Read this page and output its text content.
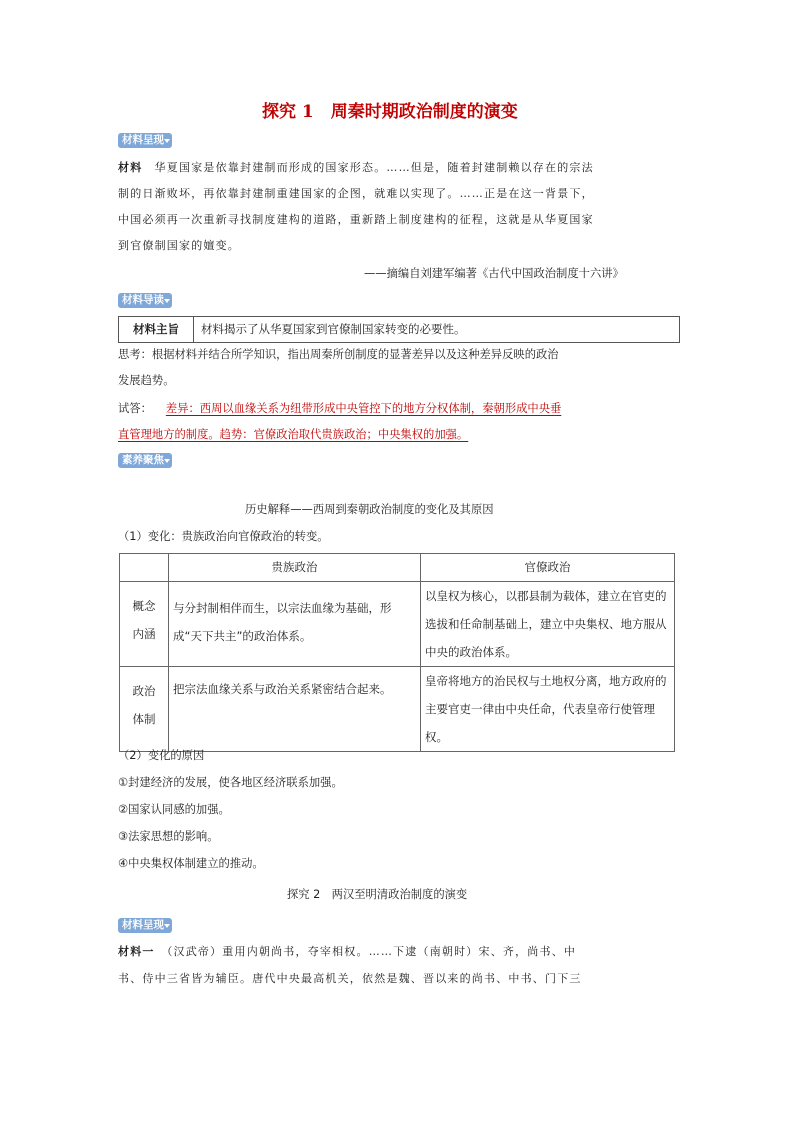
探究 1　周秦时期政治制度的演变
材料呈现
材料　 华夏国家是依靠封建制而形成的国家形态。……但是，随着封建制赖以存在的宗法
制的日渐败坏，再依靠封建制重建国家的企图，就难以实现了。……正是在这一背景下，
中国必须再一次重新寻找制度建构的道路，重新踏上制度建构的征程，这就是从华夏国家
到官僚制国家的嬗变。
——摘编自刘建军编著《古代中国政治制度十六讲》
材料导读
材料主旨	材料揭示了从华夏国家到官僚制国家转变的必要性。
思考：根据材料并结合所学知识，指出周秦所创制度的显著差异以及这种差异反映的政治
发展趋势。
试答： 差异：西周以血缘关系为纽带形成中央管控下的地方分权体制，秦朝形成中央垂
直管理地方的制度。趋势：官僚政治取代贵族政治；中央集权的加强。
素养聚焦
历史解释——西周到秦朝政治制度的变化及其原因
（1）变化：贵族政治向官僚政治的转变。
	贵族政治	官僚政治
概念
内涵	与分封制相伴而生，以宗法血缘为基础，形成“天下共主”的政治体系。	以皇权为核心，以郡县制为载体，建立在官吏的选拔和任命制基础上，建立中央集权、地方服从中央的政治体系。
政治
体制	把宗法血缘关系与政治关系紧密结合起来。	皇帝将地方的治民权与土地权分离，地方政府的主要官吏一律由中央任命，代表皇帝行使管理权。
（2）变化的原因
①封建经济的发展，使各地区经济联系加强。
②国家认同感的加强。
③法家思想的影响。
④中央集权体制建立的推动。
探究 2　两汉至明清政治制度的演变
材料呈现
材料一　 （汉武帝）重用内朝尚书，夺宰相权。……下逮（南朝时）宋、齐，尚书、中
书、侍中三省皆为辅臣。唐代中央最高机关，依然是魏、晋以来的尚书、中书、门下三
